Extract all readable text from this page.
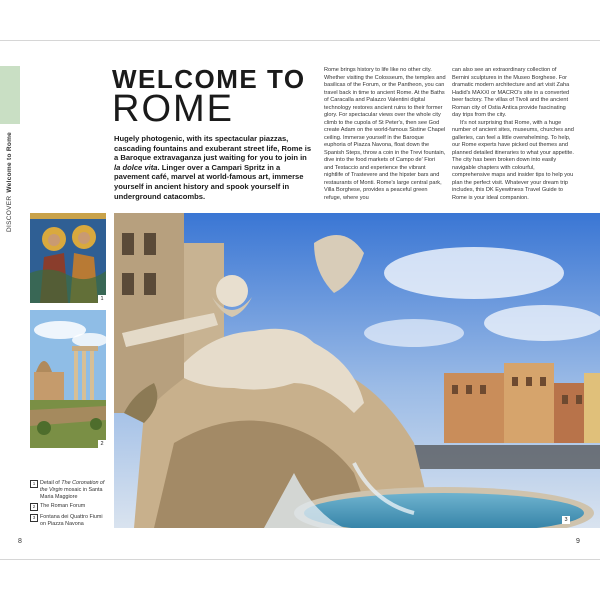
DISCOVERWelcome to Rome
WELCOME TO
ROME
Hugely photogenic, with its spectacular piazzas, cascading fountains and exuberant street life, Rome is a Baroque extravaganza just waiting for you to join in la dolce vita. Linger over a Campari Spritz in a pavement café, marvel at world-famous art, immerse yourself in ancient history and spook yourself in underground catacombs.

Rome brings history to life like no other city. Whether visiting the Colosseum, the temples and basilicas of the Forum, or the Pantheon, you can travel back in time to ancient Rome. At the Baths of Caracalla and Palazzo Valentini digital technology restores ancient ruins to their former glory. For spectacular views over the whole city climb to the cupola of St Peter's, then see God create Adam on the world-famous Sistine Chapel ceiling. Immerse yourself in the Baroque euphoria of Piazza Navona, float down the Spanish Steps, throw a coin in the Trevi fountain, dive into the food markets of Campo de' Fiori and Testaccio and experience the vibrant nightlife of Trastevere and the hipster bars and restaurants of Monti. Rome's large central park, Villa Borghese, provides a peaceful green refuge, where you

can also see an extraordinary collection of Bernini sculptures in the Museo Borghese. For dramatic modern architecture and art visit Zaha Hadid's MAXXI or MACRO's site in a converted beer factory. The villas of Tivoli and the ancient Roman city of Ostia Antica provide fascinating day trips from the city.

It's not surprising that Rome, with a huge number of ancient sites, museums, churches and galleries, can feel a little overwhelming. To help, our Rome experts have picked out themes and planned detailed itineraries to what your appetite. The city has been broken down into easily navigable chapters with colourful, comprehensive maps and insider tips to help you plan the perfect visit. Whatever your dream trip includes, this DK Eyewitness Travel Guide to Rome is your ideal companion.

1
2
3
1 Detail of The Coronation of the Virgin mosaic in Santa Maria Maggiore
2 The Roman Forum
3 Fontana dei Quattro Fiumi on Piazza Navona
8	9
